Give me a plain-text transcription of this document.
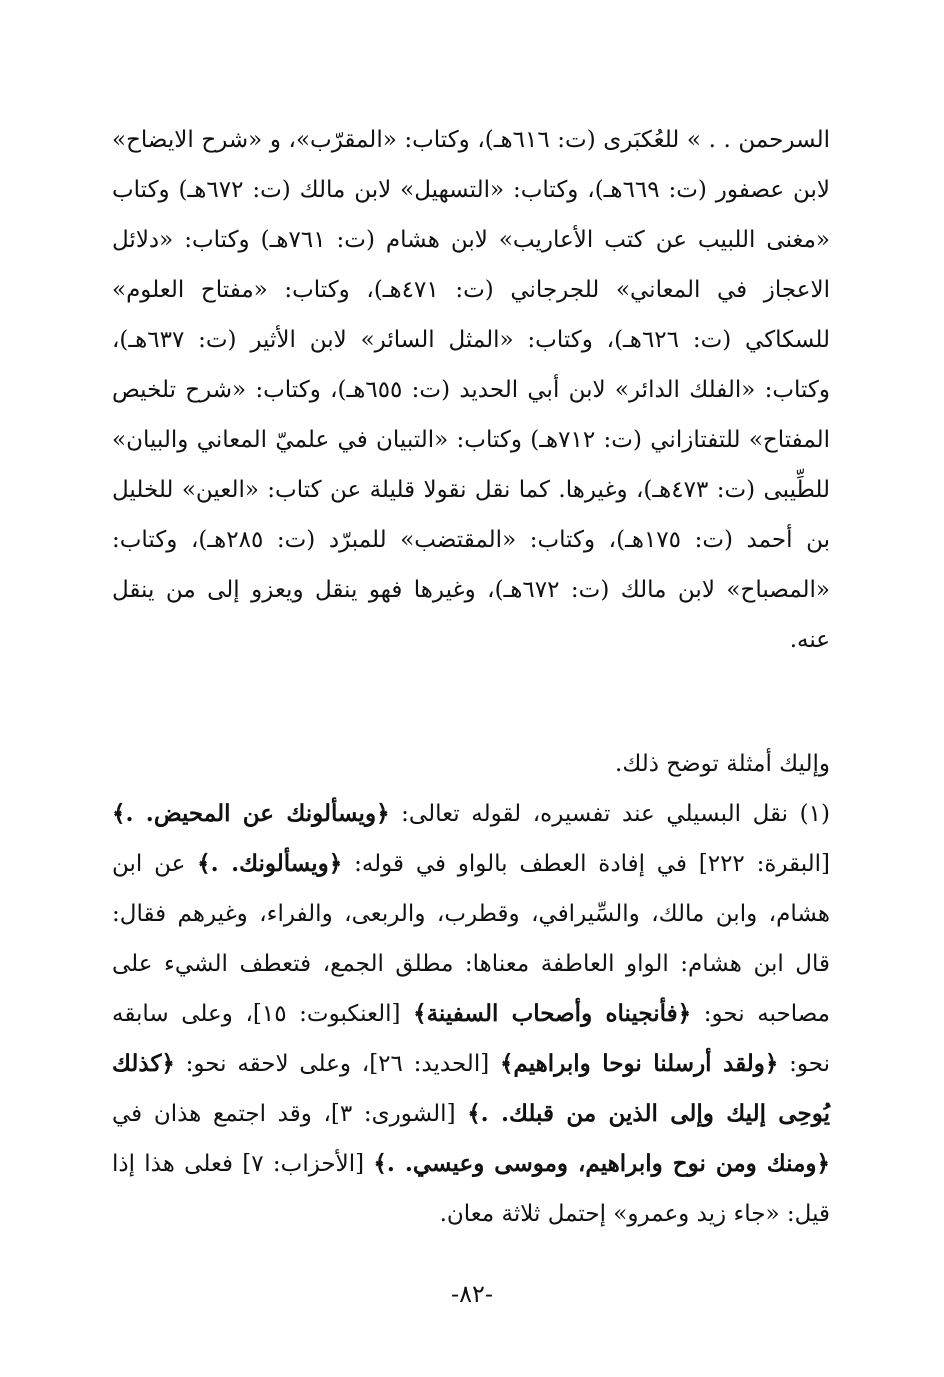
السرحمن . . » للعُكبَرى (ت: ٦١٦هـ)، وكتاب: «المقرّب»، و «شرح الايضاح» لابن عصفور (ت: ٦٦٩هـ)، وكتاب: «التسهيل» لابن مالك (ت: ٦٧٢هـ) وكتاب «مغنى اللبيب عن كتب الأعاريب» لابن هشام (ت: ٧٦١هـ) وكتاب: «دلائل الاعجاز في المعاني» للجرجاني (ت: ٤٧١هـ)، وكتاب: «مفتاح العلوم» للسكاكي (ت: ٦٢٦هـ)، وكتاب: «المثل السائر» لابن الأثير (ت: ٦٣٧هـ)، وكتاب: «الفلك الدائر» لابن أبي الحديد (ت: ٦٥٥هـ)، وكتاب: «شرح تلخيص المفتاح» للتفتازاني (ت: ٧١٢هـ) وكتاب: «التبيان في علميّ المعاني والبيان» للطِّيبى (ت: ٤٧٣هـ)، وغيرها. كما نقل نقولا قليلة عن كتاب: «العين» للخليل بن أحمد (ت: ١٧٥هـ)، وكتاب: «المقتضب» للمبرّد (ت: ٢٨٥هـ)، وكتاب: «المصباح» لابن مالك (ت: ٦٧٢هـ)، وغيرها فهو ينقل ويعزو إلى من ينقل عنه.

وإليك أمثلة توضح ذلك.

(١) نقل البسيلي عند تفسيره، لقوله تعالى: ﴿ويسألونك عن المحيض. .﴾ [البقرة: ٢٢٢] في إفادة العطف بالواو في قوله: ﴿ويسألونك. .﴾ عن ابن هشام، وابن مالك، والسِّيرافي، وقطرب، والربعى، والفراء، وغيرهم فقال: قال ابن هشام: الواو العاطفة معناها: مطلق الجمع، فتعطف الشيء على مصاحبه نحو: ﴿فأنجيناه وأصحاب السفينة﴾ [العنكبوت: ١٥]، وعلى سابقه نحو: ﴿ولقد أرسلنا نوحا وابراهيم﴾ [الحديد: ٢٦]، وعلى لاحقه نحو: ﴿كذلك يُوحِى إليك وإلى الذين من قبلك. .﴾ [الشورى: ٣]، وقد اجتمع هذان في ﴿ومنك ومن نوح وابراهيم، وموسى وعيسي. .﴾ [الأحزاب: ٧] فعلى هذا إذا قيل: «جاء زيد وعمرو» إحتمل ثلاثة معان.

-٨٢-
